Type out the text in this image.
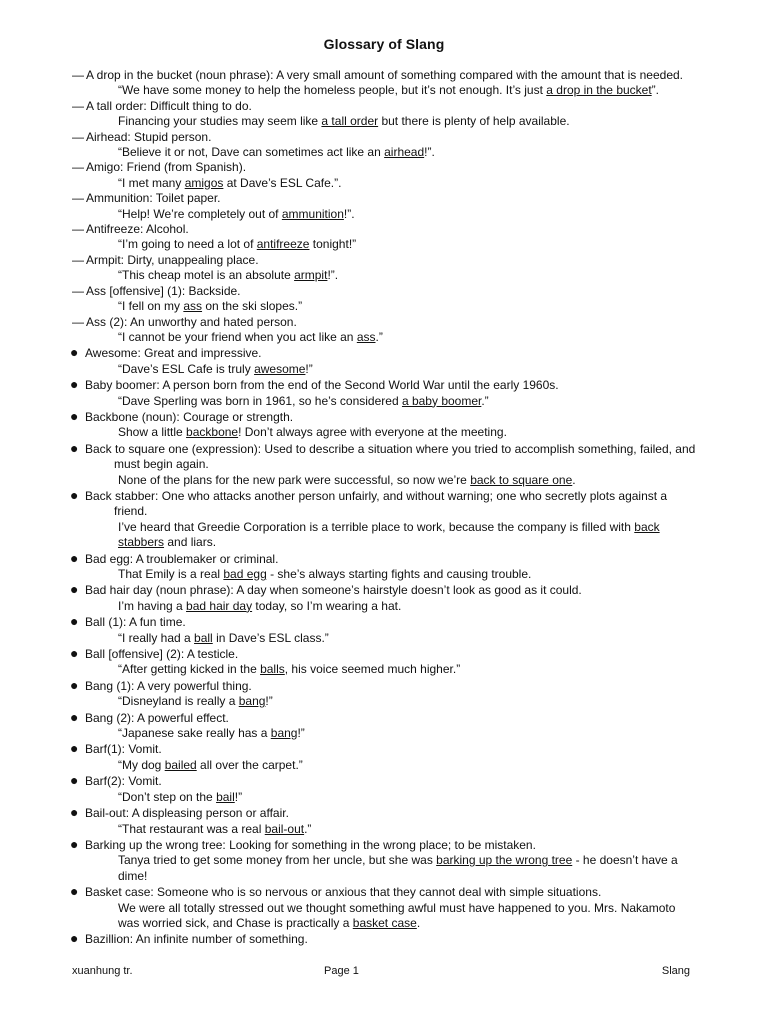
Glossary of Slang
— A drop in the bucket (noun phrase): A very small amount of something compared with the amount that is needed.
“We have some money to help the homeless people, but it’s not enough. It’s just a drop in the bucket”.
— A tall order: Difficult thing to do.
Financing your studies may seem like a tall order but there is plenty of help available.
— Airhead: Stupid person.
“Believe it or not, Dave can sometimes act like an airhead!”.
— Amigo: Friend (from Spanish).
“I met many amigos at Dave’s ESL Cafe.”.
— Ammunition: Toilet paper.
“Help! We’re completely out of ammunition!”.
— Antifreeze: Alcohol.
“I’m going to need a lot of antifreeze tonight!”
— Armpit: Dirty, unappealing place.
“This cheap motel is an absolute armpit!”.
— Ass [offensive] (1): Backside.
“I fell on my ass on the ski slopes.”
— Ass (2): An unworthy and hated person.
“I cannot be your friend when you act like an ass.”
● Awesome: Great and impressive.
“Dave’s ESL Cafe is truly awesome!”
● Baby boomer: A person born from the end of the Second World War until the early 1960s.
“Dave Sperling was born in 1961, so he’s considered a baby boomer.”
● Backbone (noun): Courage or strength.
Show a little backbone! Don’t always agree with everyone at the meeting.
● Back to square one (expression): Used to describe a situation where you tried to accomplish something, failed, and must begin again.
None of the plans for the new park were successful, so now we’re back to square one.
● Back stabber: One who attacks another person unfairly, and without warning; one who secretly plots against a friend.
I’ve heard that Greedie Corporation is a terrible place to work, because the company is filled with back stabbers and liars.
● Bad egg: A troublemaker or criminal.
That Emily is a real bad egg - she’s always starting fights and causing trouble.
● Bad hair day (noun phrase): A day when someone’s hairstyle doesn’t look as good as it could.
I’m having a bad hair day today, so I’m wearing a hat.
● Ball (1): A fun time.
“I really had a ball in Dave’s ESL class.”
● Ball [offensive] (2): A testicle.
“After getting kicked in the balls, his voice seemed much higher.”
● Bang (1): A very powerful thing.
“Disneyland is really a bang!”
● Bang (2): A powerful effect.
“Japanese sake really has a bang!”
● Barf(1): Vomit.
“My dog bailed all over the carpet.”
● Barf(2): Vomit.
“Don’t step on the bail!”
● Bail-out: A displeasing person or affair.
“That restaurant was a real bail-out.”
● Barking up the wrong tree: Looking for something in the wrong place; to be mistaken.
Tanya tried to get some money from her uncle, but she was barking up the wrong tree - he doesn’t have a dime!
● Basket case: Someone who is so nervous or anxious that they cannot deal with simple situations.
We were all totally stressed out we thought something awful must have happened to you. Mrs. Nakamoto was worried sick, and Chase is practically a basket case.
● Bazillion: An infinite number of something.
xuanhung tr.	Page 1	Slang
